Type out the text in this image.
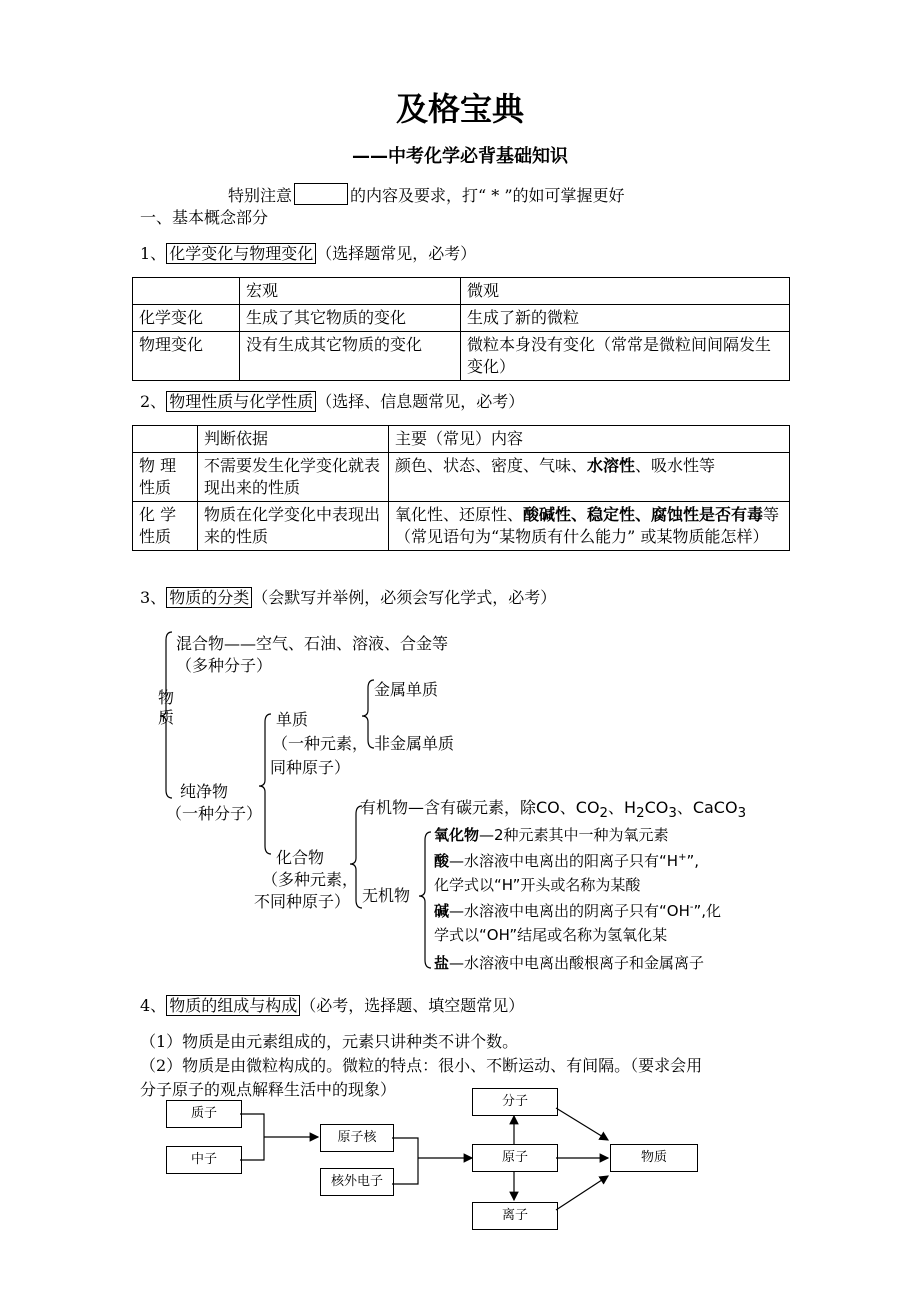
及格宝典
——中考化学必背基础知识
特别注意	的内容及要求，打“ * ”的如可掌握更好
一、基本概念部分
1、 化学变化与物理变化 （选择题常见，必考）
	宏观	微观
化学变化	生成了其它物质的变化	生成了新的微粒
物理变化	没有生成其它物质的变化	微粒本身没有变化（常常是微粒间间隔发生变化）
2、 物理性质与化学性质 （选择、信息题常见，必考）
	判断依据	主要（常见）内容
物 理 性质	不需要发生化学变化就表现出来的性质	颜色、状态、密度、气味、水溶性、吸水性等
化 学 性质	物质在化学变化中表现出来的性质	氧化性、还原性、酸碱性、稳定性、腐蚀性是否有毒等（常见语句为“某物质有什么能力” 或某物质能怎样）
3、 物质的分类 （会默写并举例，必须会写化学式，必考）
物质
混合物——空气、石油、溶液、合金等
（多种分子）
纯净物
（一种分子）
单质
（一种元素，
同种原子）
金属单质
非金属单质
化合物
（多种元素，
不同种原子）
有机物—含有碳元素，除CO、$CO_2$、$H_2CO_3$、CaCO$_3$
无机物
氧化物—2种元素其中一种为氧元素
酸—水溶液中电离出的阳离子只有“H+”,
化学式以“H”开头或名称为某酸
碱—水溶液中电离出的阴离子只有“OH-”,化
学式以“OH”结尾或名称为氢氧化某
盐—水溶液中电离出酸根离子和金属离子
4、 物质的组成与构成 （必考，选择题、填空题常见）
（1）物质是由元素组成的，元素只讲种类不讲个数。
（2）物质是由微粒构成的。微粒的特点：很小、不断运动、有间隔。（要求会用
分子原子的观点解释生活中的现象）
质子
中子
原子核
核外电子
分子
原子
离子
物质
